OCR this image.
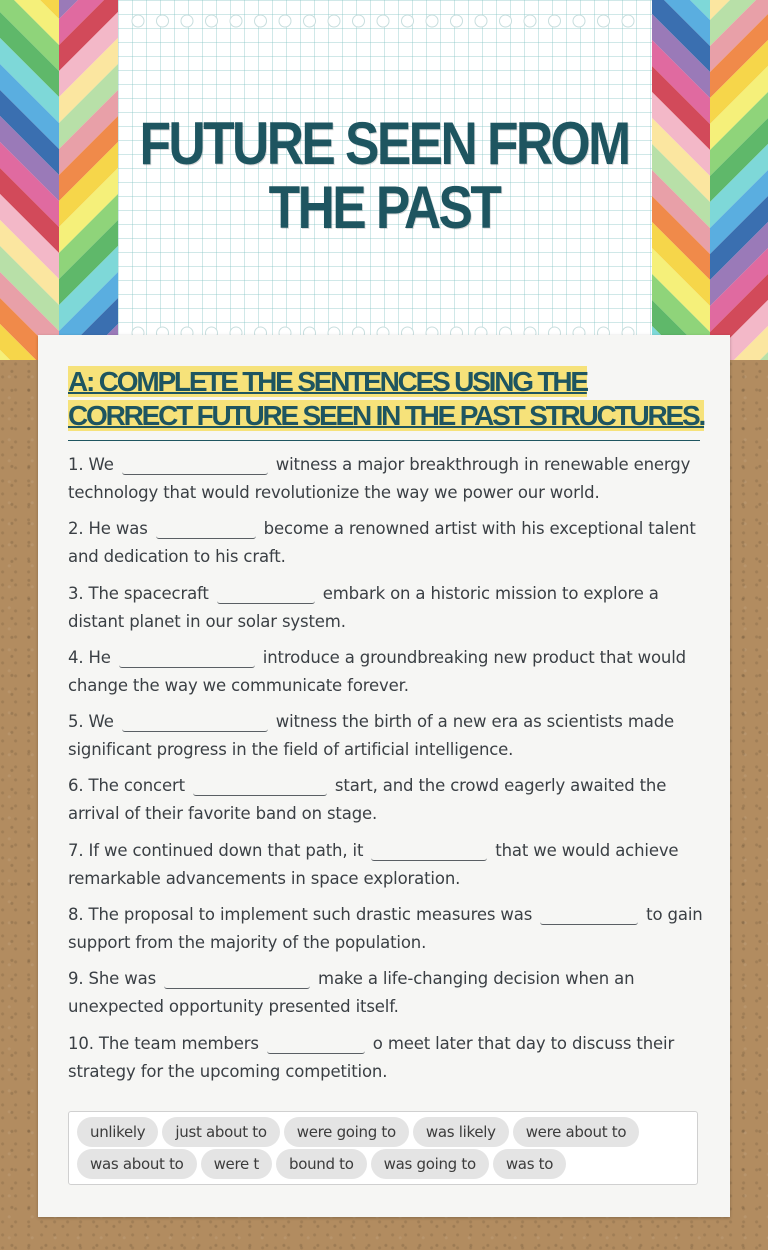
FUTURE SEEN FROM THE PAST
A: COMPLETE THE SENTENCES USING THE CORRECT FUTURE SEEN IN THE PAST STRUCTURES.
1. We	witness a major breakthrough in renewable energy technology that would revolutionize the way we power our world.
2. He was	become a renowned artist with his exceptional talent and dedication to his craft.
3. The spacecraft	embark on a historic mission to explore a distant planet in our solar system.
4. He	introduce a groundbreaking new product that would change the way we communicate forever.
5. We	witness the birth of a new era as scientists made significant progress in the field of artificial intelligence.
6. The concert	start, and the crowd eagerly awaited the arrival of their favorite band on stage.
7. If we continued down that path, it	that we would achieve remarkable advancements in space exploration.
8. The proposal to implement such drastic measures was	to gain support from the majority of the population.
9. She was	make a life-changing decision when an unexpected opportunity presented itself.
10. The team members	o meet later that day to discuss their strategy for the upcoming competition.
unlikely just about to were going to was likely were about to
was about to were t bound to was going to was to
